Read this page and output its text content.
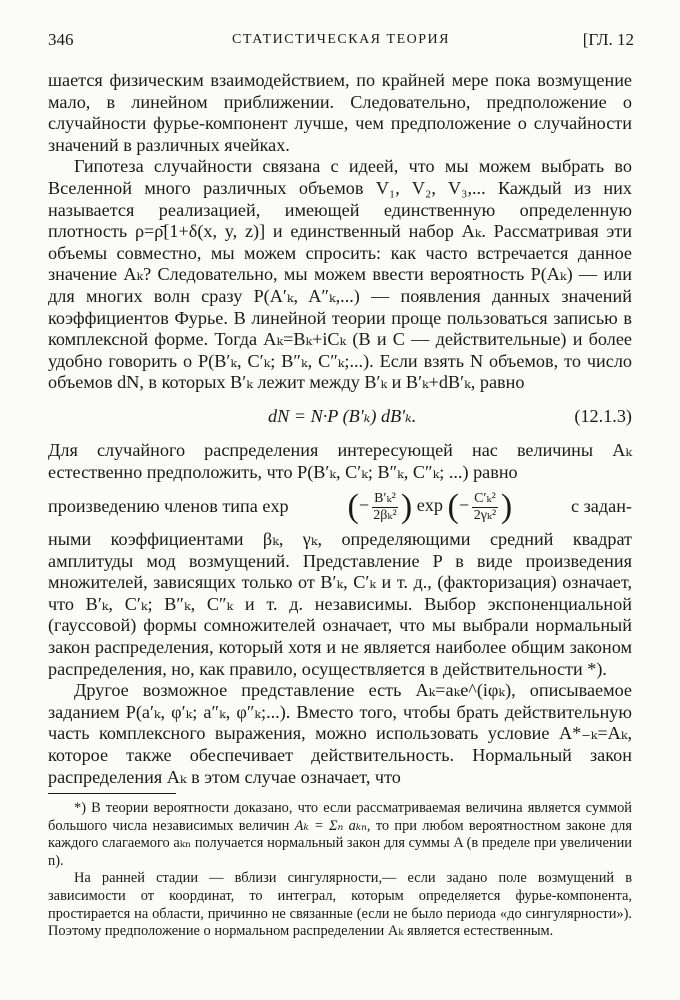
346	СТАТИСТИЧЕСКАЯ ТЕОРИЯ	[ГЛ. 12

шается физическим взаимодействием, по крайней мере пока возмущение мало, в линейном приближении. Следовательно, предположение о случайности фурье-компонент лучше, чем предположение о случайности значений в различных ячейках.

Гипотеза случайности связана с идеей, что мы можем выбрать во Вселенной много различных объемов V₁, V₂, V₃,... Каждый из них называется реализацией, имеющей единственную определенную плотность ρ=ρ̄[1+δ(x, y, z)] и единственный набор Aₖ. Рассматривая эти объемы совместно, мы можем спросить: как часто встречается данное значение Aₖ? Следовательно, мы можем ввести вероятность P(Aₖ) — или для многих волн сразу P(A′ₖ, A″ₖ,...) — появления данных значений коэффициентов Фурье. В линейной теории проще пользоваться записью в комплексной форме. Тогда Aₖ=Bₖ+iCₖ (B и C — действительные) и более удобно говорить о P(B′ₖ, C′ₖ; B″ₖ, C″ₖ;...). Если взять N объемов, то число объемов dN, в которых B′ₖ лежит между B′ₖ и B′ₖ+dB′ₖ, равно

dN = N·P (B′ₖ) dB′ₖ.	(12.1.3)

Для случайного распределения интересующей нас величины Aₖ естественно предположить, что P(B′ₖ, C′ₖ; B″ₖ, C″ₖ; ...) равно

произведению членов типа exp (− $\frac{\text{B′ₖ²}}{\text{2βₖ²}}$ ) exp (− $\frac{\text{C′ₖ²}}{\text{2γₖ²}}$ )	с задан-

ными коэффициентами βₖ, γₖ, определяющими средний квадрат амплитуды мод возмущений. Представление P в виде произведения множителей, зависящих только от B′ₖ, C′ₖ и т. д., (факторизация) означает, что B′ₖ, C′ₖ; B″ₖ, C″ₖ и т. д. независимы. Выбор экспоненциальной (гауссовой) формы сомножителей означает, что мы выбрали нормальный закон распределения, который хотя и не является наиболее общим законом распределения, но, как правило, осуществляется в действительности *).

Другое возможное представление есть Aₖ=aₖe^(iφₖ), описываемое заданием P(a′ₖ, φ′ₖ; a″ₖ, φ″ₖ;...). Вместо того, чтобы брать действительную часть комплексного выражения, можно использовать условие A*₋ₖ=Aₖ, которое также обеспечивает действительность. Нормальный закон распределения Aₖ в этом случае означает, что

*) В теории вероятности доказано, что если рассматриваемая величина является суммой большого числа независимых величин Aₖ = Σₙ aₖₙ, то при любом вероятностном законе для каждого слагаемого aₖₙ получается нормальный закон для суммы A (в пределе при увеличении n).

На ранней стадии — вблизи сингулярности,— если задано поле возмущений в зависимости от координат, то интеграл, которым определяется фурье-компонента, простирается на области, причинно не связанные (если не было периода «до сингулярности»). Поэтому предположение о нормальном распределении Aₖ является естественным.
